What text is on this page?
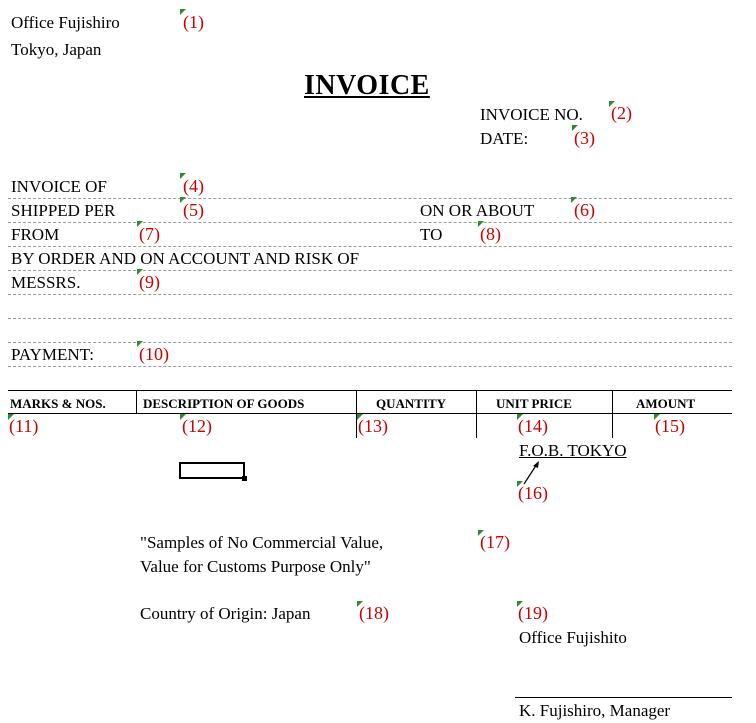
Office Fujishiro
Tokyo, Japan
(1)
INVOICE
INVOICE NO. (2)
DATE:	(3)
INVOICE OF	(4)
SHIPPED PER	(5)	ON OR ABOUT (6)
FROM	(7)	TO (8)
BY ORDER AND ON ACCOUNT AND RISK OF
MESSRS.	(9)
PAYMENT:	(10)
MARKS & NOS.	DESCRIPTION OF GOODS	QUANTITY	UNIT PRICE	AMOUNT
(11)	(12)	(13)	(14)	(15)
F.O.B. TOKYO
(16)
"Samples of No Commercial Value,
Value for Customs Purpose Only"
(17)
Country of Origin: Japan	(18)	(19)
Office Fujishito
K. Fujishiro, Manager
